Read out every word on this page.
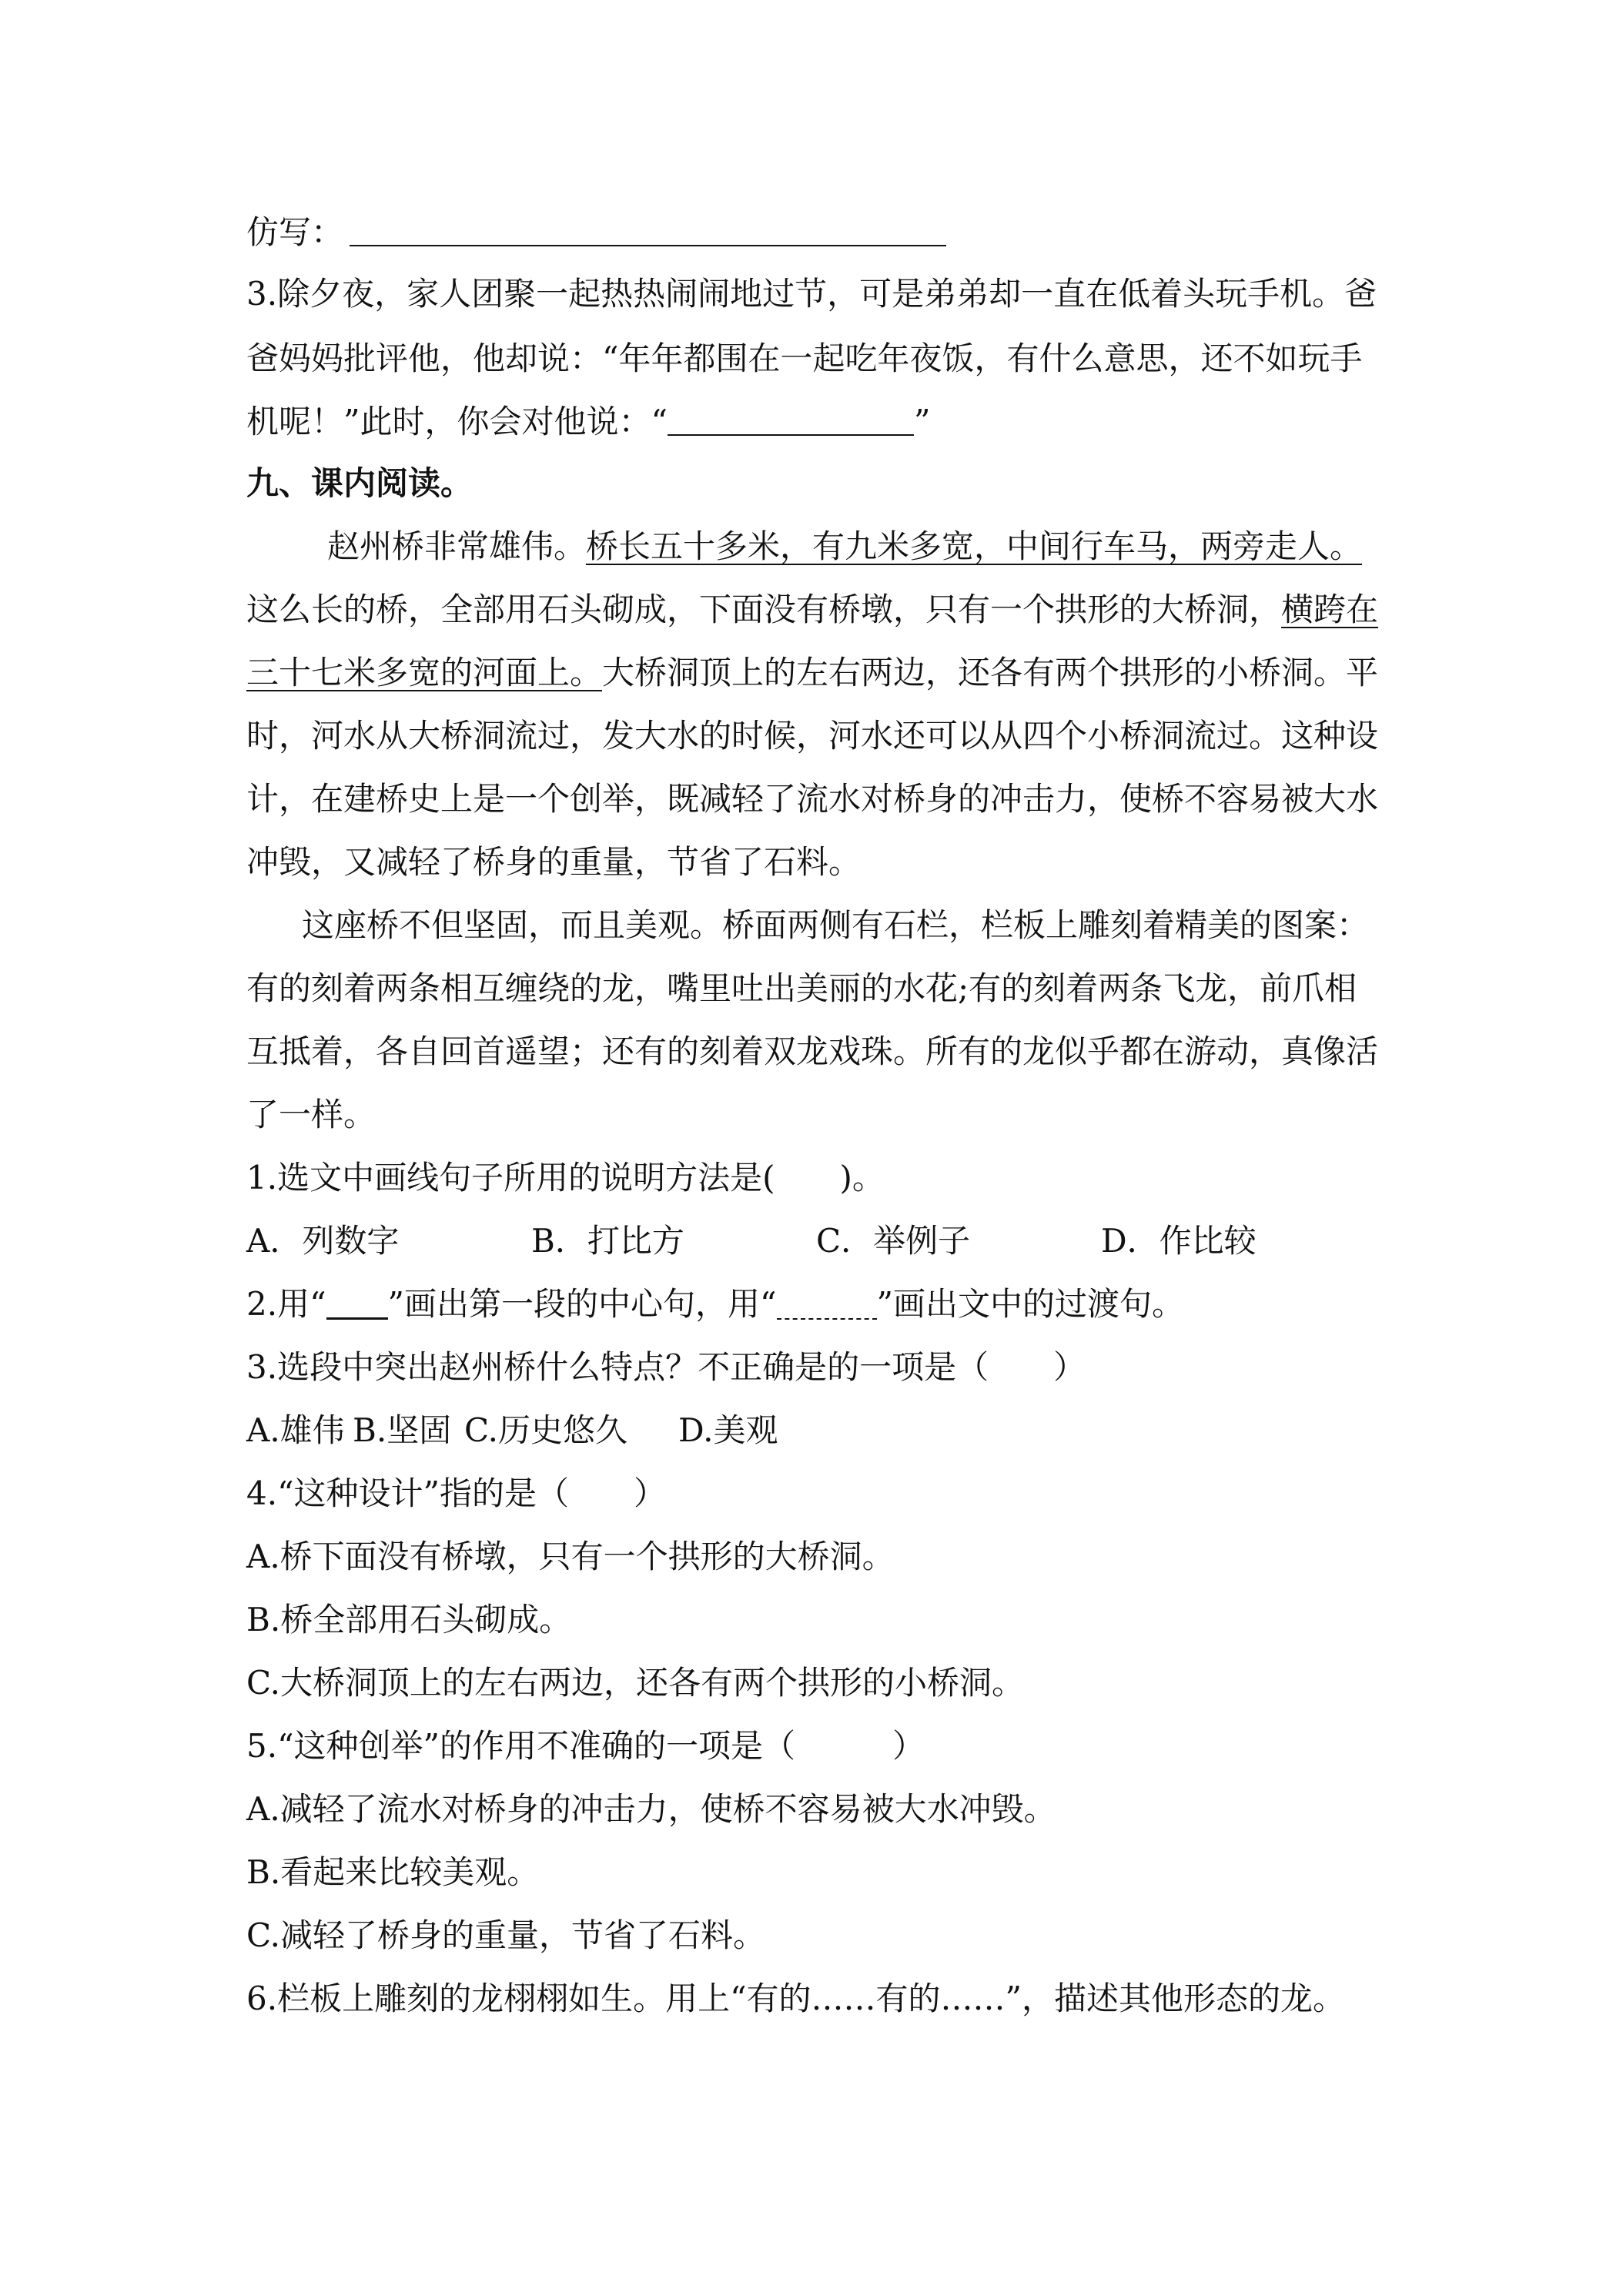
仿写：
3.除夕夜，家人团聚一起热热闹闹地过节，可是弟弟却一直在低着头玩手机。爸
爸妈妈批评他，他却说：“年年都围在一起吃年夜饭，有什么意思，还不如玩手
机呢！”此时，你会对他说：“	”
九、课内阅读。
赵州桥非常雄伟。桥长五十多米，有九米多宽，中间行车马，两旁走人。
这么长的桥，全部用石头砌成，下面没有桥墩，只有一个拱形的大桥洞，横跨在
三十七米多宽的河面上。大桥洞顶上的左右两边，还各有两个拱形的小桥洞。平
时，河水从大桥洞流过，发大水的时候，河水还可以从四个小桥洞流过。这种设
计，在建桥史上是一个创举，既减轻了流水对桥身的冲击力，使桥不容易被大水
冲毁，又减轻了桥身的重量，节省了石料。
这座桥不但坚固，而且美观。桥面两侧有石栏，栏板上雕刻着精美的图案：
有的刻着两条相互缠绕的龙，嘴里吐出美丽的水花;有的刻着两条飞龙，前爪相
互抵着，各自回首遥望；还有的刻着双龙戏珠。所有的龙似乎都在游动，真像活
了一样。
1.选文中画线句子所用的说明方法是(　　)。
A．列数字	B．打比方	C．举例子	D．作比较
2.用“ ”画出第一段的中心句，用“	”画出文中的过渡句。
3.选段中突出赵州桥什么特点？不正确是的一项是（　　）
A.雄伟 B.坚固 C.历史悠久 D.美观
4.“这种设计”指的是（　　）
A.桥下面没有桥墩，只有一个拱形的大桥洞。
B.桥全部用石头砌成。
C.大桥洞顶上的左右两边，还各有两个拱形的小桥洞。
5.“这种创举”的作用不准确的一项是（　　　）
A.减轻了流水对桥身的冲击力，使桥不容易被大水冲毁。
B.看起来比较美观。
C.减轻了桥身的重量，节省了石料。
6.栏板上雕刻的龙栩栩如生。用上“有的……有的……”，描述其他形态的龙。
